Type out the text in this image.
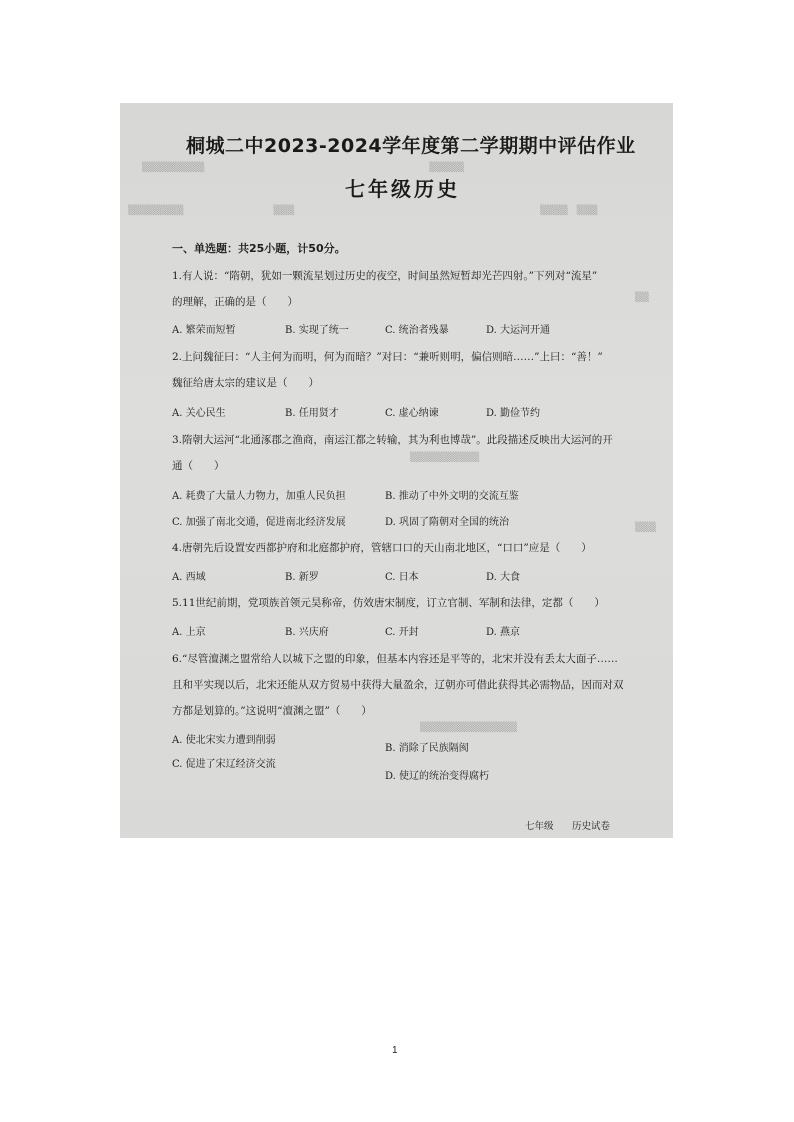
▒▒▒▒▒▒▒▒▒　　　　　　　　　　　　　　　　　　　　　　　　　▒▒▒▒▒
▒▒▒▒▒▒▒▒　　　　　　　　　　▒▒▒	▒▒▒▒　▒▒▒
▒▒▒▒▒▒▒▒▒▒
▒▒
▒▒▒
▒▒▒▒▒▒▒▒▒▒▒▒▒▒
桐城二中2023-2024学年度第二学期期中评估作业
七年级历史
一、单选题：共25小题，计50分。
1.有人说：“隋朝，犹如一颗流星划过历史的夜空，时间虽然短暂却光芒四射。”下列对“流星”
的理解，正确的是（　　）
A. 繁荣而短暂	B. 实现了统一	C. 统治者残暴	D. 大运河开通
2.上问魏征曰：“人主何为而明，何为而暗？”对曰：“兼听则明，偏信则暗……”上曰：“善！”
魏征给唐太宗的建议是（　　）
A. 关心民生	B. 任用贤才	C. 虚心纳谏	D. 勤俭节约
3.隋朝大运河“北通涿郡之渔商，南运江都之转输，其为利也博哉”。此段描述反映出大运河的开
通（　　）
A. 耗费了大量人力物力，加重人民负担	B. 推动了中外文明的交流互鉴
C. 加强了南北交通，促进南北经济发展	D. 巩固了隋朝对全国的统治
4.唐朝先后设置安西都护府和北庭都护府，管辖口口的天山南北地区，“口口”应是（　　）
A. 西域	B. 新罗	C. 日本	D. 大食
5.11世纪前期，党项族首领元昊称帝，仿效唐宋制度，订立官制、军制和法律，定都（　　）
A. 上京	B. 兴庆府	C. 开封	D. 燕京
6.“尽管澶渊之盟常给人以城下之盟的印象，但基本内容还是平等的，北宋并没有丢太大面子……
且和平实现以后，北宋还能从双方贸易中获得大量盈余，辽朝亦可借此获得其必需物品，因而对双
方都是划算的。”这说明“澶渊之盟”（　　）
A. 使北宋实力遭到削弱
B. 消除了民族隔阂
C. 促进了宋辽经济交流
D. 使辽的统治变得腐朽
七年级 历史试卷
1
